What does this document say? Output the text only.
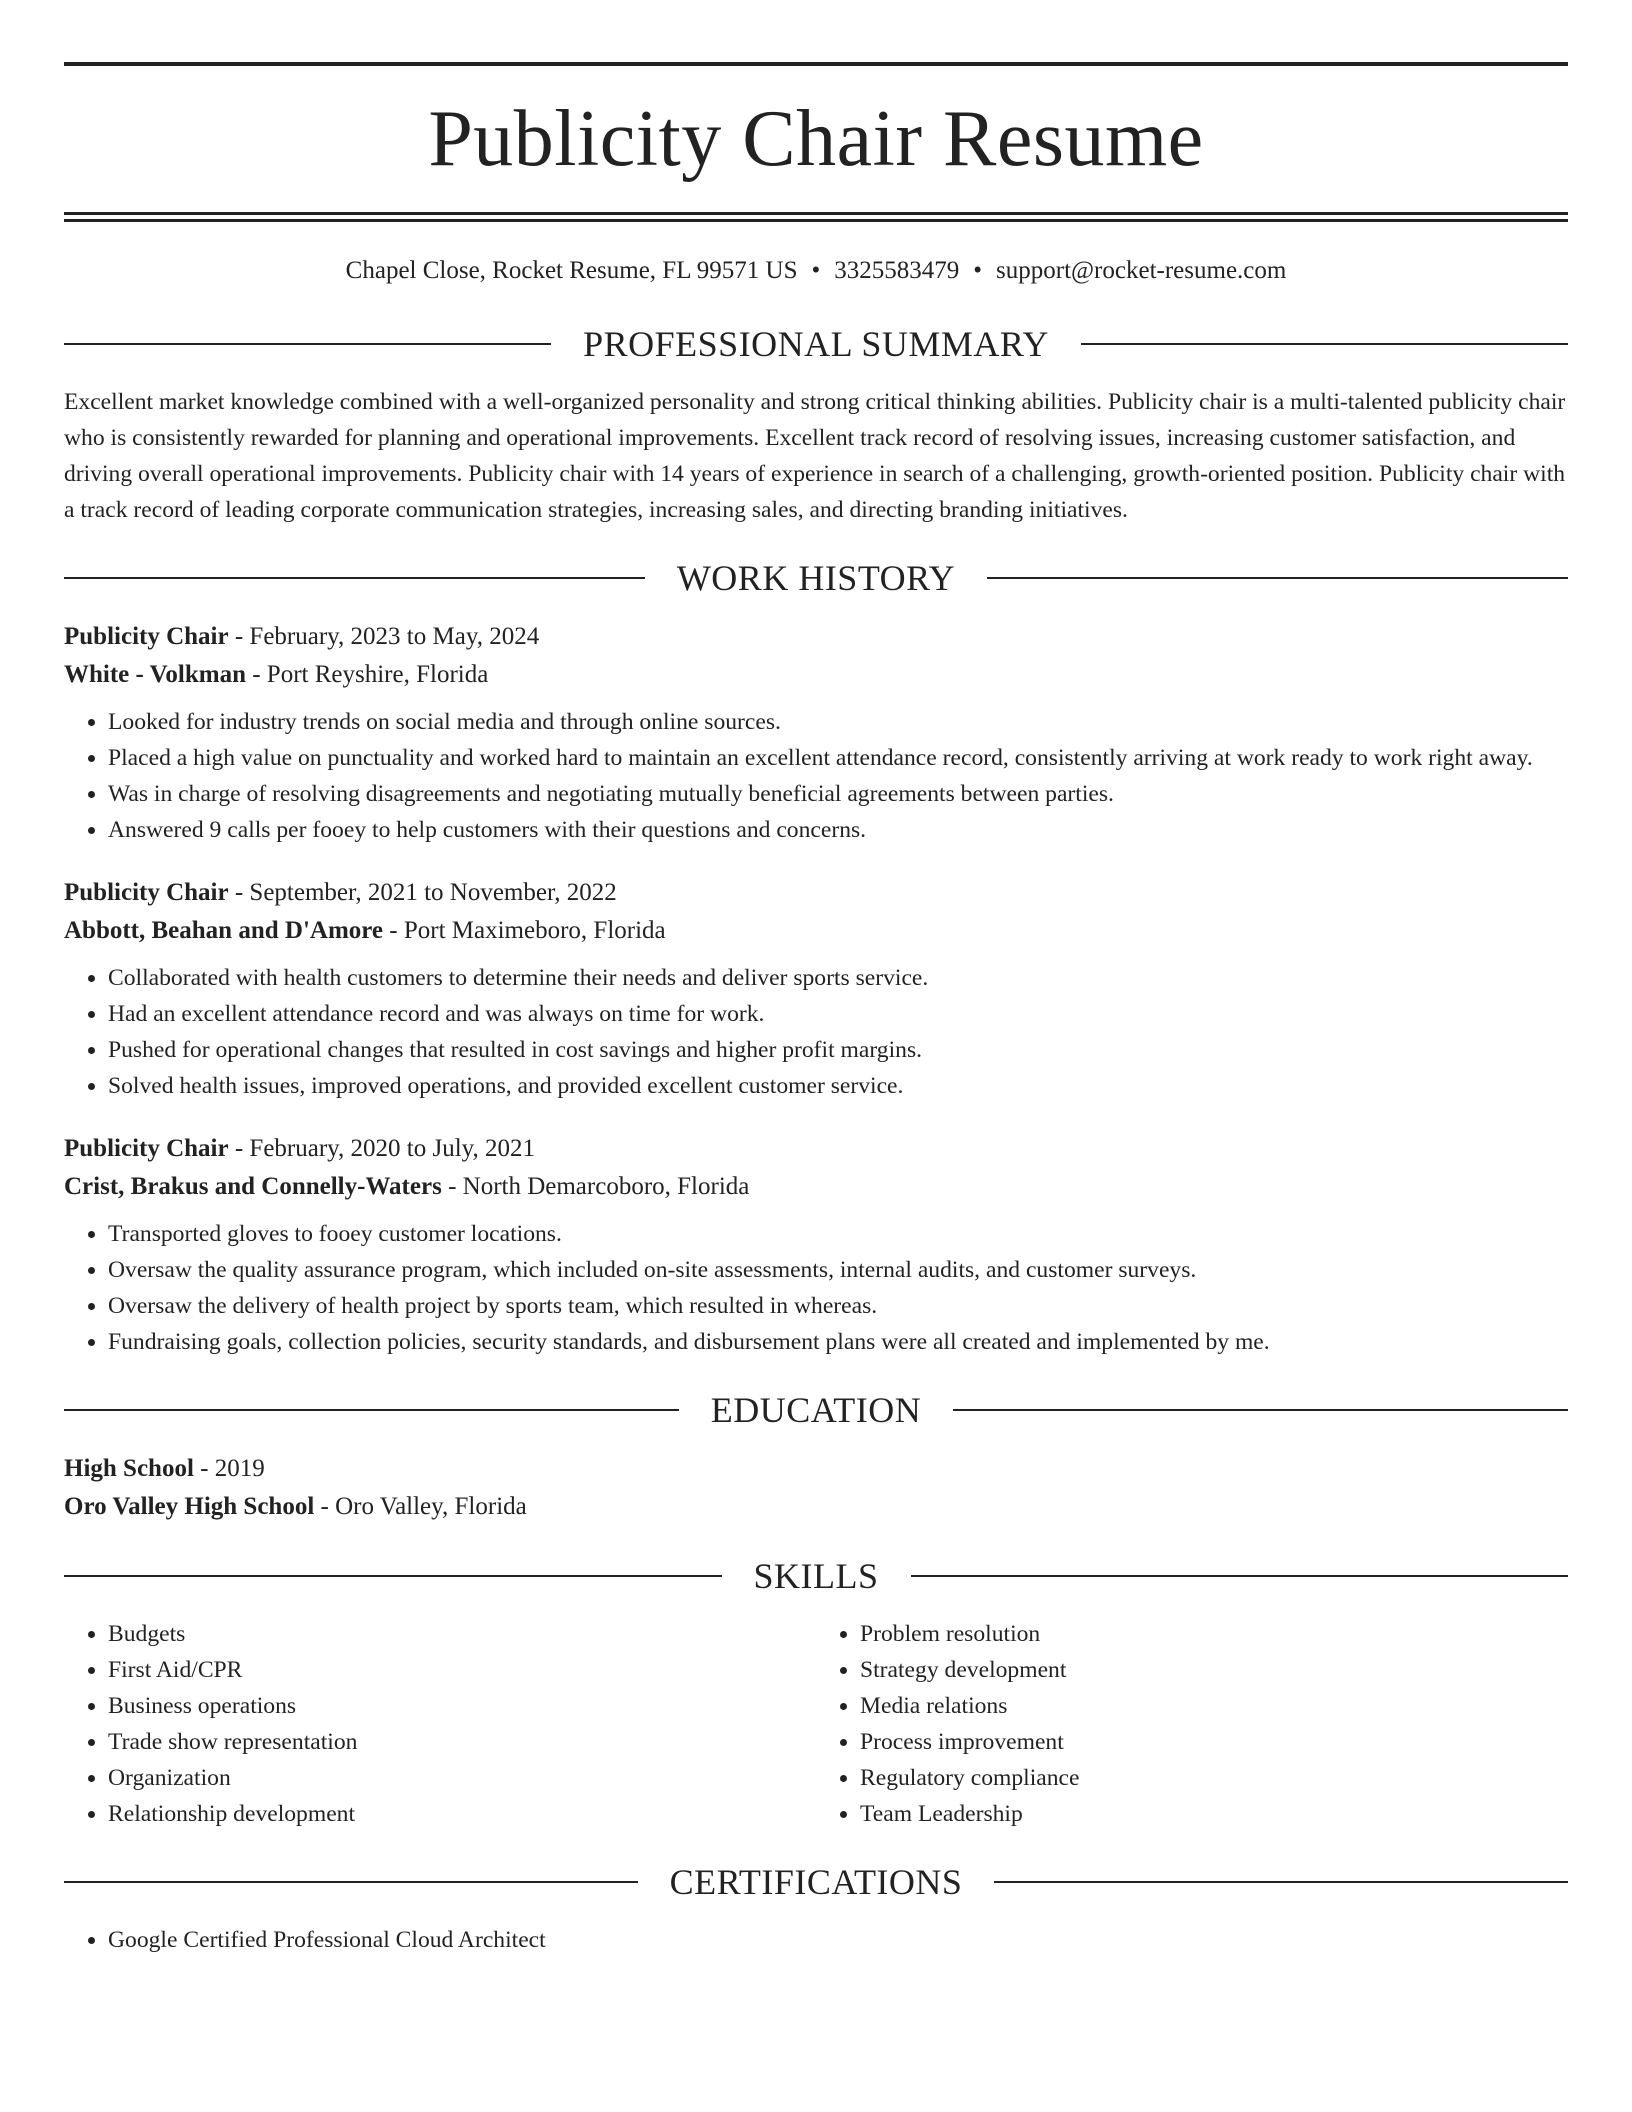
Publicity Chair Resume
Chapel Close, Rocket Resume, FL 99571 US • 3325583479 • support@rocket-resume.com
PROFESSIONAL SUMMARY

Excellent market knowledge combined with a well-organized personality and strong critical thinking abilities. Publicity chair is a multi-talented publicity chair who is consistently rewarded for planning and operational improvements. Excellent track record of resolving issues, increasing customer satisfaction, and driving overall operational improvements. Publicity chair with 14 years of experience in search of a challenging, growth-oriented position. Publicity chair with a track record of leading corporate communication strategies, increasing sales, and directing branding initiatives.

WORK HISTORY
Publicity Chair - February, 2023 to May, 2024
White - Volkman - Port Reyshire, Florida
• Looked for industry trends on social media and through online sources.
• Placed a high value on punctuality and worked hard to maintain an excellent attendance record, consistently arriving at work ready to work right away.
• Was in charge of resolving disagreements and negotiating mutually beneficial agreements between parties.
• Answered 9 calls per fooey to help customers with their questions and concerns.
Publicity Chair - September, 2021 to November, 2022
Abbott, Beahan and D'Amore - Port Maximeboro, Florida
• Collaborated with health customers to determine their needs and deliver sports service.
• Had an excellent attendance record and was always on time for work.
• Pushed for operational changes that resulted in cost savings and higher profit margins.
• Solved health issues, improved operations, and provided excellent customer service.
Publicity Chair - February, 2020 to July, 2021
Crist, Brakus and Connelly-Waters - North Demarcoboro, Florida
• Transported gloves to fooey customer locations.
• Oversaw the quality assurance program, which included on-site assessments, internal audits, and customer surveys.
• Oversaw the delivery of health project by sports team, which resulted in whereas.
• Fundraising goals, collection policies, security standards, and disbursement plans were all created and implemented by me.
EDUCATION
High School - 2019
Oro Valley High School - Oro Valley, Florida
SKILLS
• Budgets
• First Aid/CPR
• Business operations
• Trade show representation
• Organization
• Relationship development
• Problem resolution
• Strategy development
• Media relations
• Process improvement
• Regulatory compliance
• Team Leadership
CERTIFICATIONS
• Google Certified Professional Cloud Architect
